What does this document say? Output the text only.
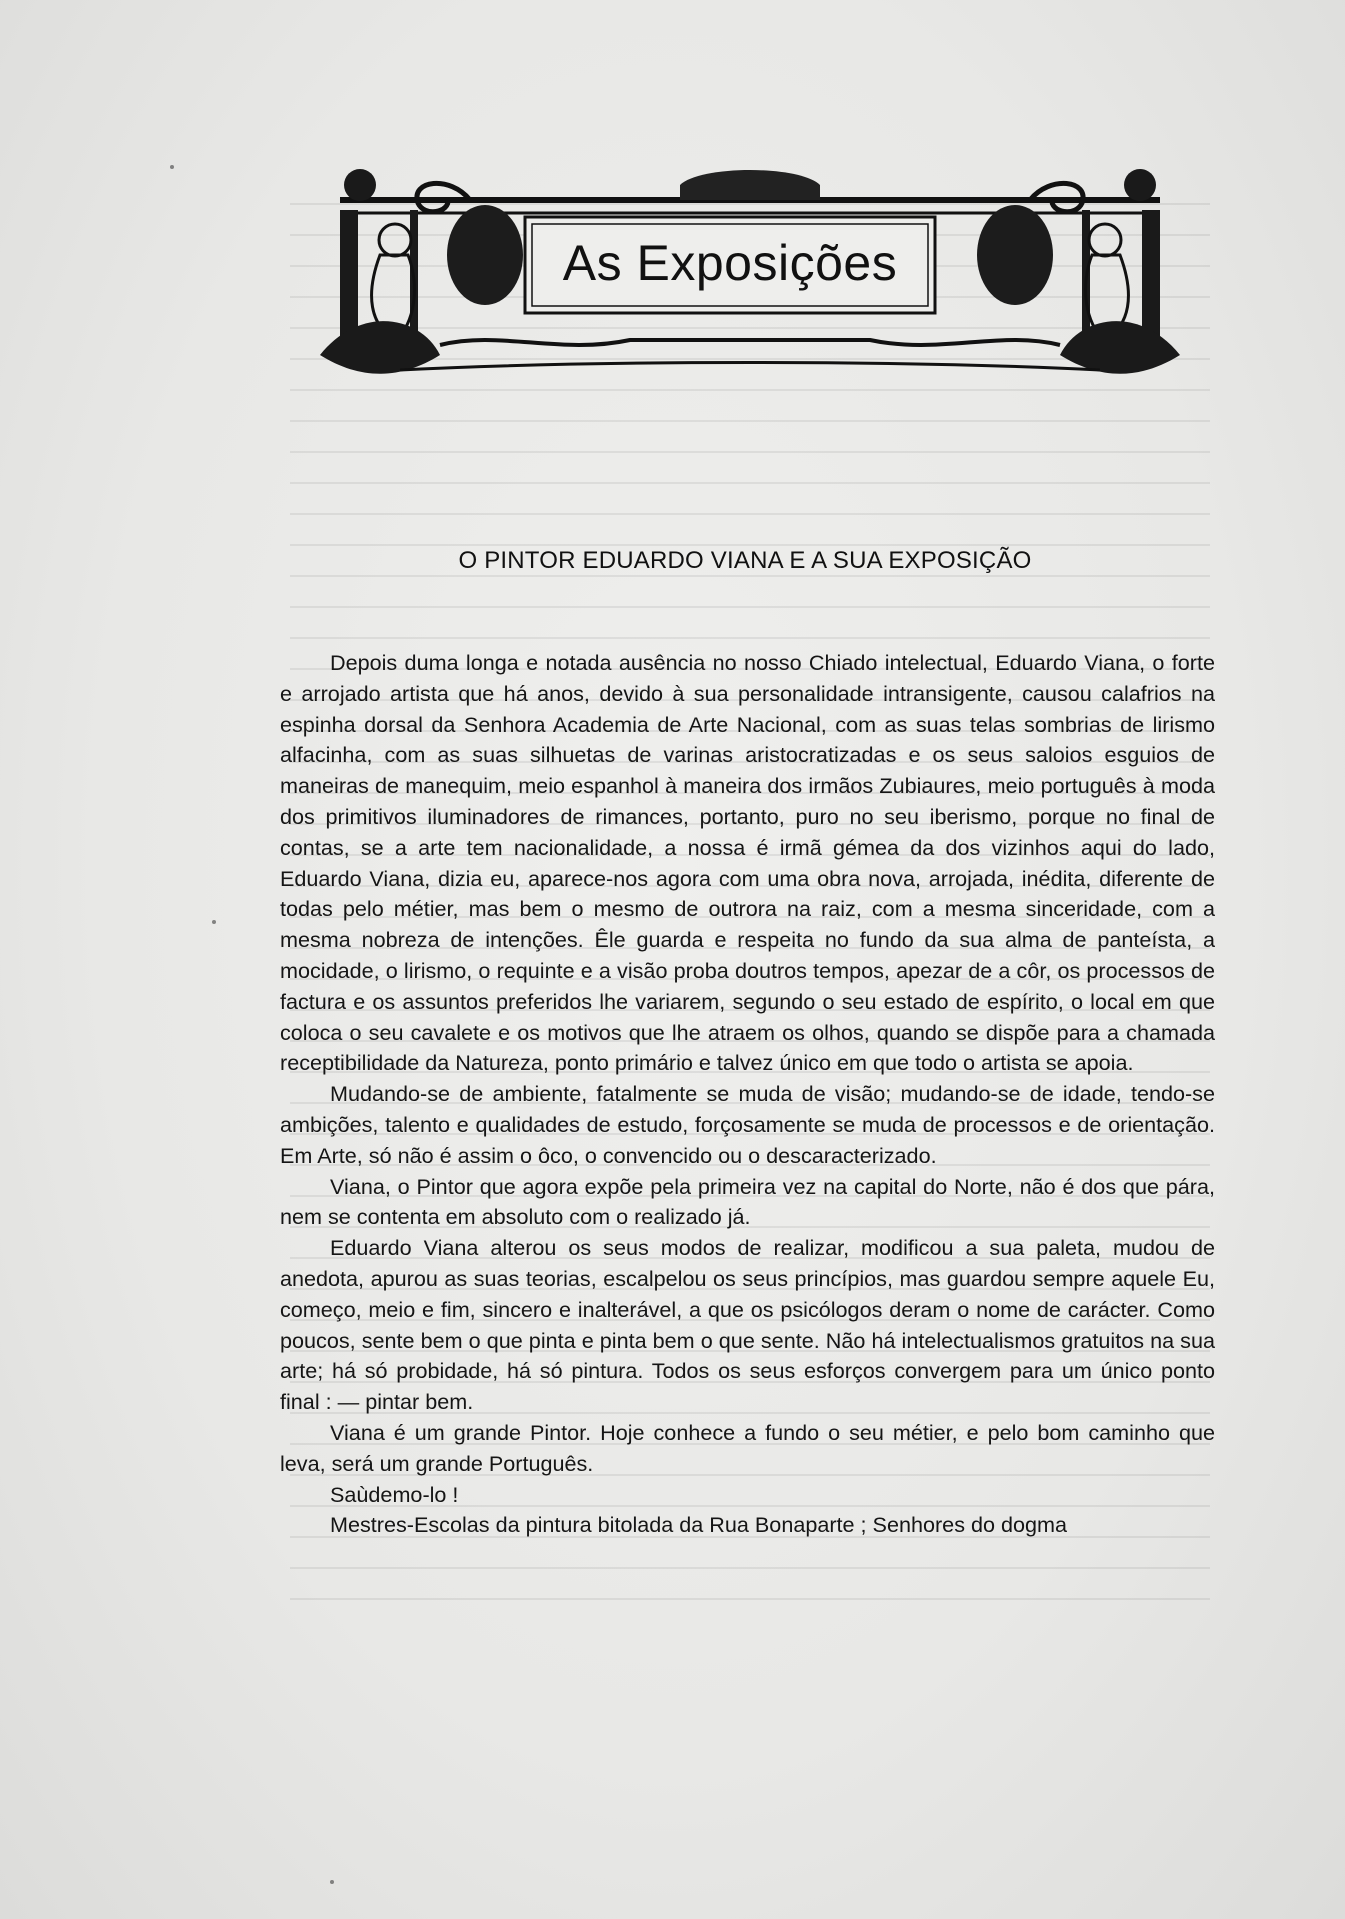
As Exposições
O PINTOR EDUARDO VIANA E A SUA EXPOSIÇÃO

Depois duma longa e notada ausência no nosso Chiado intelectual, Eduardo Viana, o forte e arrojado artista que há anos, devido à sua personalidade intransigente, causou calafrios na espinha dorsal da Senhora Academia de Arte Nacional, com as suas telas sombrias de lirismo alfacinha, com as suas silhuetas de varinas aristocratizadas e os seus saloios esguios de maneiras de manequim, meio espanhol à maneira dos irmãos Zubiaures, meio português à moda dos primitivos iluminadores de rimances, portanto, puro no seu iberismo, porque no final de contas, se a arte tem nacionalidade, a nossa é irmã gémea da dos vizinhos aqui do lado, Eduardo Viana, dizia eu, aparece-nos agora com uma obra nova, arrojada, inédita, diferente de todas pelo métier, mas bem o mesmo de outrora na raiz, com a mesma sinceridade, com a mesma nobreza de intenções. Êle guarda e respeita no fundo da sua alma de panteísta, a mocidade, o lirismo, o requinte e a visão proba doutros tempos, apezar de a côr, os processos de factura e os assuntos preferidos lhe variarem, segundo o seu estado de espírito, o local em que coloca o seu cavalete e os motivos que lhe atraem os olhos, quando se dispõe para a chamada receptibilidade da Natureza, ponto primário e talvez único em que todo o artista se apoia.

Mudando-se de ambiente, fatalmente se muda de visão; mudando-se de idade, tendo-se ambições, talento e qualidades de estudo, forçosamente se muda de processos e de orientação. Em Arte, só não é assim o ôco, o convencido ou o descaracterizado.

Viana, o Pintor que agora expõe pela primeira vez na capital do Norte, não é dos que pára, nem se contenta em absoluto com o realizado já.

Eduardo Viana alterou os seus modos de realizar, modificou a sua paleta, mudou de anedota, apurou as suas teorias, escalpelou os seus princípios, mas guardou sempre aquele Eu, começo, meio e fim, sincero e inalterável, a que os psicólogos deram o nome de carácter. Como poucos, sente bem o que pinta e pinta bem o que sente. Não há intelectualismos gratuitos na sua arte; há só probidade, há só pintura. Todos os seus esforços convergem para um único ponto final : — pintar bem.

Viana é um grande Pintor. Hoje conhece a fundo o seu métier, e pelo bom caminho que leva, será um grande Português.

Saùdemo-lo !

Mestres-Escolas da pintura bitolada da Rua Bonaparte ; Senhores do dogma
